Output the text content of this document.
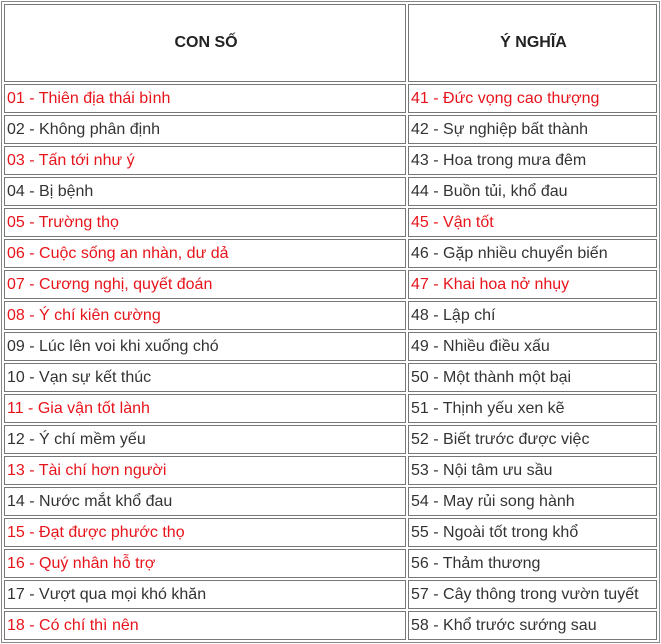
CON SỐ	Ý NGHĨA
01 - Thiên địa thái bình	41 - Đức vọng cao thượng
02 - Không phân định	42 - Sự nghiệp bất thành
03 - Tấn tới như ý	43 - Hoa trong mưa đêm
04 - Bị bệnh	44 - Buồn tủi, khổ đau
05 - Trường thọ	45 - Vận tốt
06 - Cuộc sống an nhàn, dư dả	46 - Gặp nhiều chuyển biến
07 - Cương nghị, quyết đoán	47 - Khai hoa nở nhụy
08 - Ý chí kiên cường	48 - Lập chí
09 - Lúc lên voi khi xuống chó	49 - Nhiều điều xấu
10 - Vạn sự kết thúc	50 - Một thành một bại
11 - Gia vận tốt lành	51 - Thịnh yếu xen kẽ
12 - Ý chí mềm yếu	52 - Biết trước được việc
13 - Tài chí hơn người	53 - Nội tâm ưu sầu
14 - Nước mắt khổ đau	54 - May rủi song hành
15 - Đạt được phước thọ	55 - Ngoài tốt trong khổ
16 - Quý nhân hỗ trợ	56 - Thảm thương
17 - Vượt qua mọi khó khăn	57 - Cây thông trong vườn tuyết
18 - Có chí thì nên	58 - Khổ trước sướng sau
